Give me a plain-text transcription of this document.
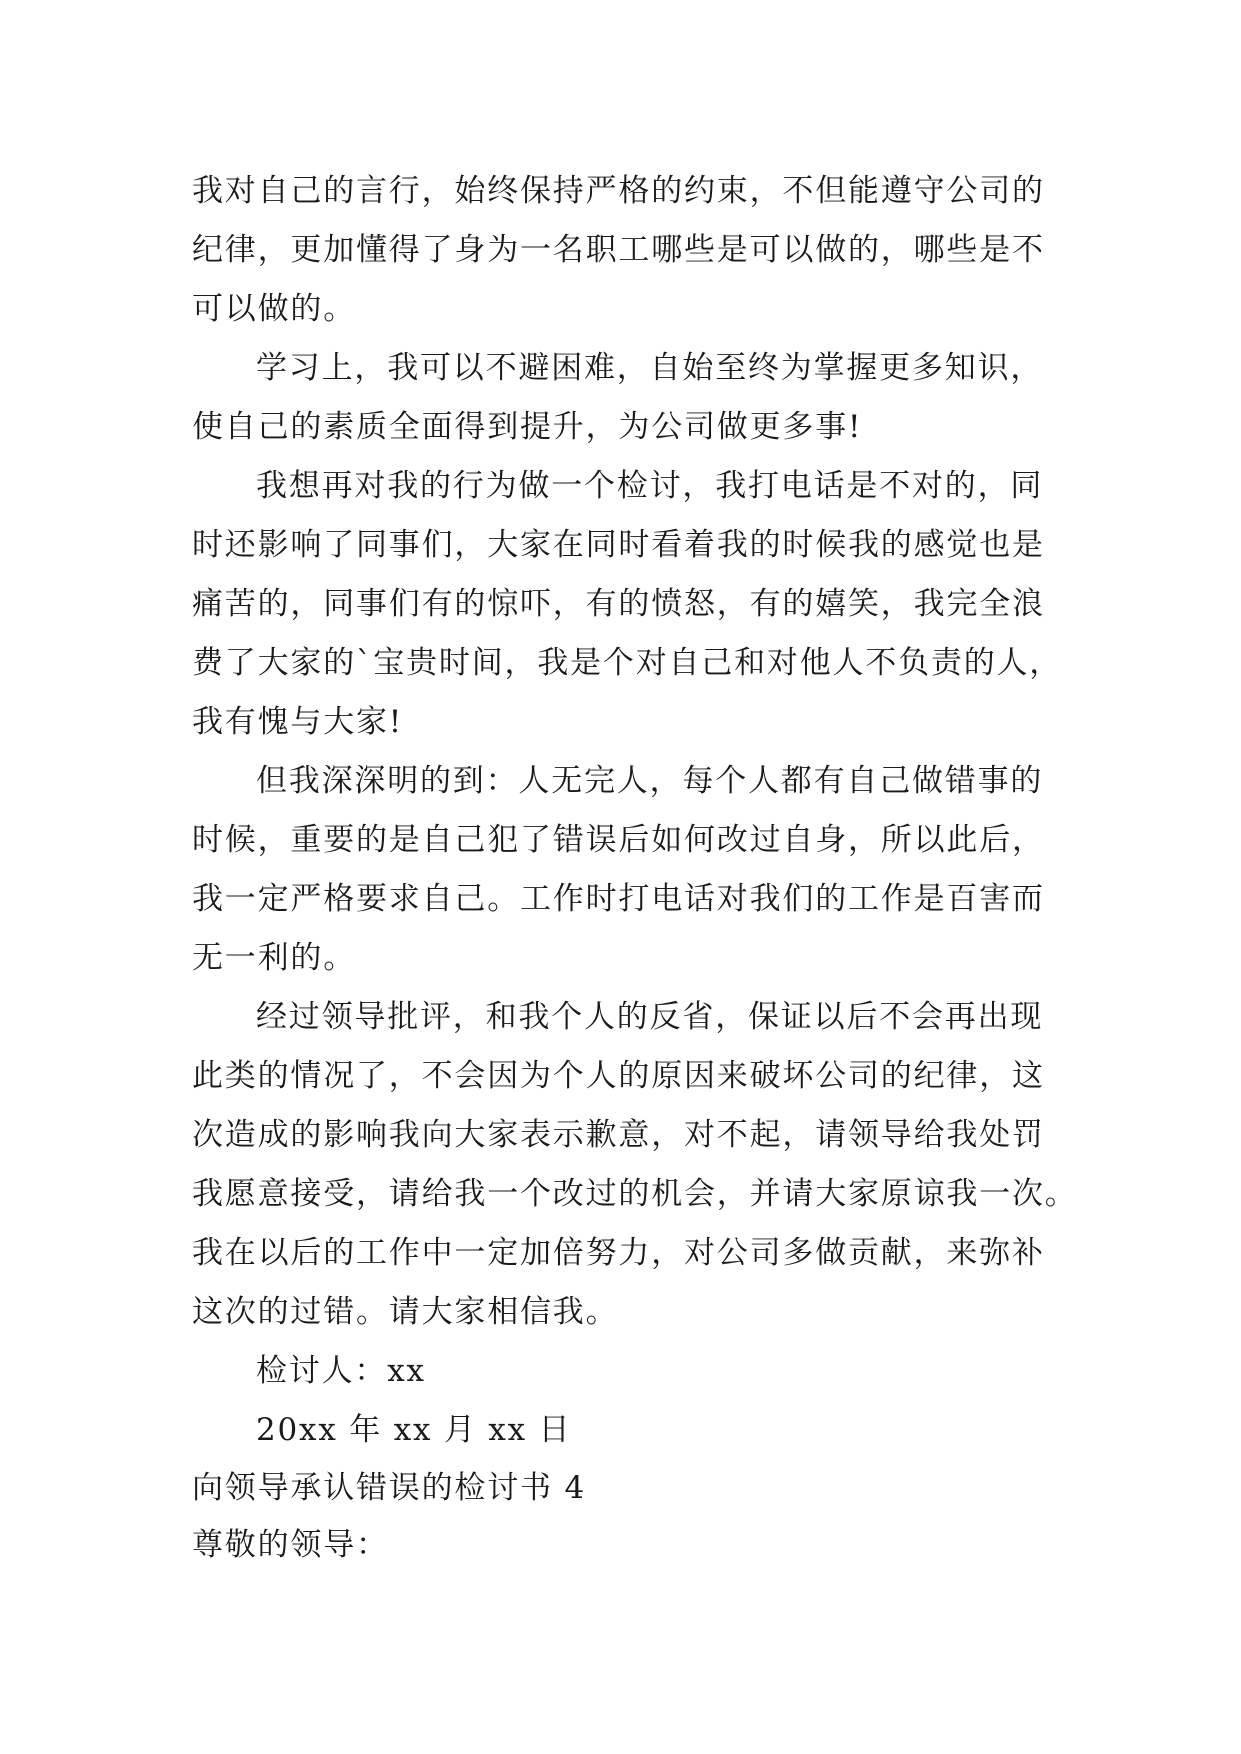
我对自己的言行，始终保持严格的约束，不但能遵守公司的
纪律，更加懂得了身为一名职工哪些是可以做的，哪些是不
可以做的。
学习上，我可以不避困难，自始至终为掌握更多知识，
使自己的素质全面得到提升，为公司做更多事!
我想再对我的行为做一个检讨，我打电话是不对的，同
时还影响了同事们，大家在同时看着我的时候我的感觉也是
痛苦的，同事们有的惊吓，有的愤怒，有的嬉笑，我完全浪
费了大家的`宝贵时间，我是个对自己和对他人不负责的人，
我有愧与大家!
但我深深明的到：人无完人，每个人都有自己做错事的
时候，重要的是自己犯了错误后如何改过自身，所以此后，
我一定严格要求自己。工作时打电话对我们的工作是百害而
无一利的。
经过领导批评，和我个人的反省，保证以后不会再出现
此类的情况了，不会因为个人的原因来破坏公司的纪律，这
次造成的影响我向大家表示歉意，对不起，请领导给我处罚
我愿意接受，请给我一个改过的机会，并请大家原谅我一次。
我在以后的工作中一定加倍努力，对公司多做贡献，来弥补
这次的过错。请大家相信我。
检讨人：xx
20xx 年 xx 月 xx 日
向领导承认错误的检讨书 4
尊敬的领导：
